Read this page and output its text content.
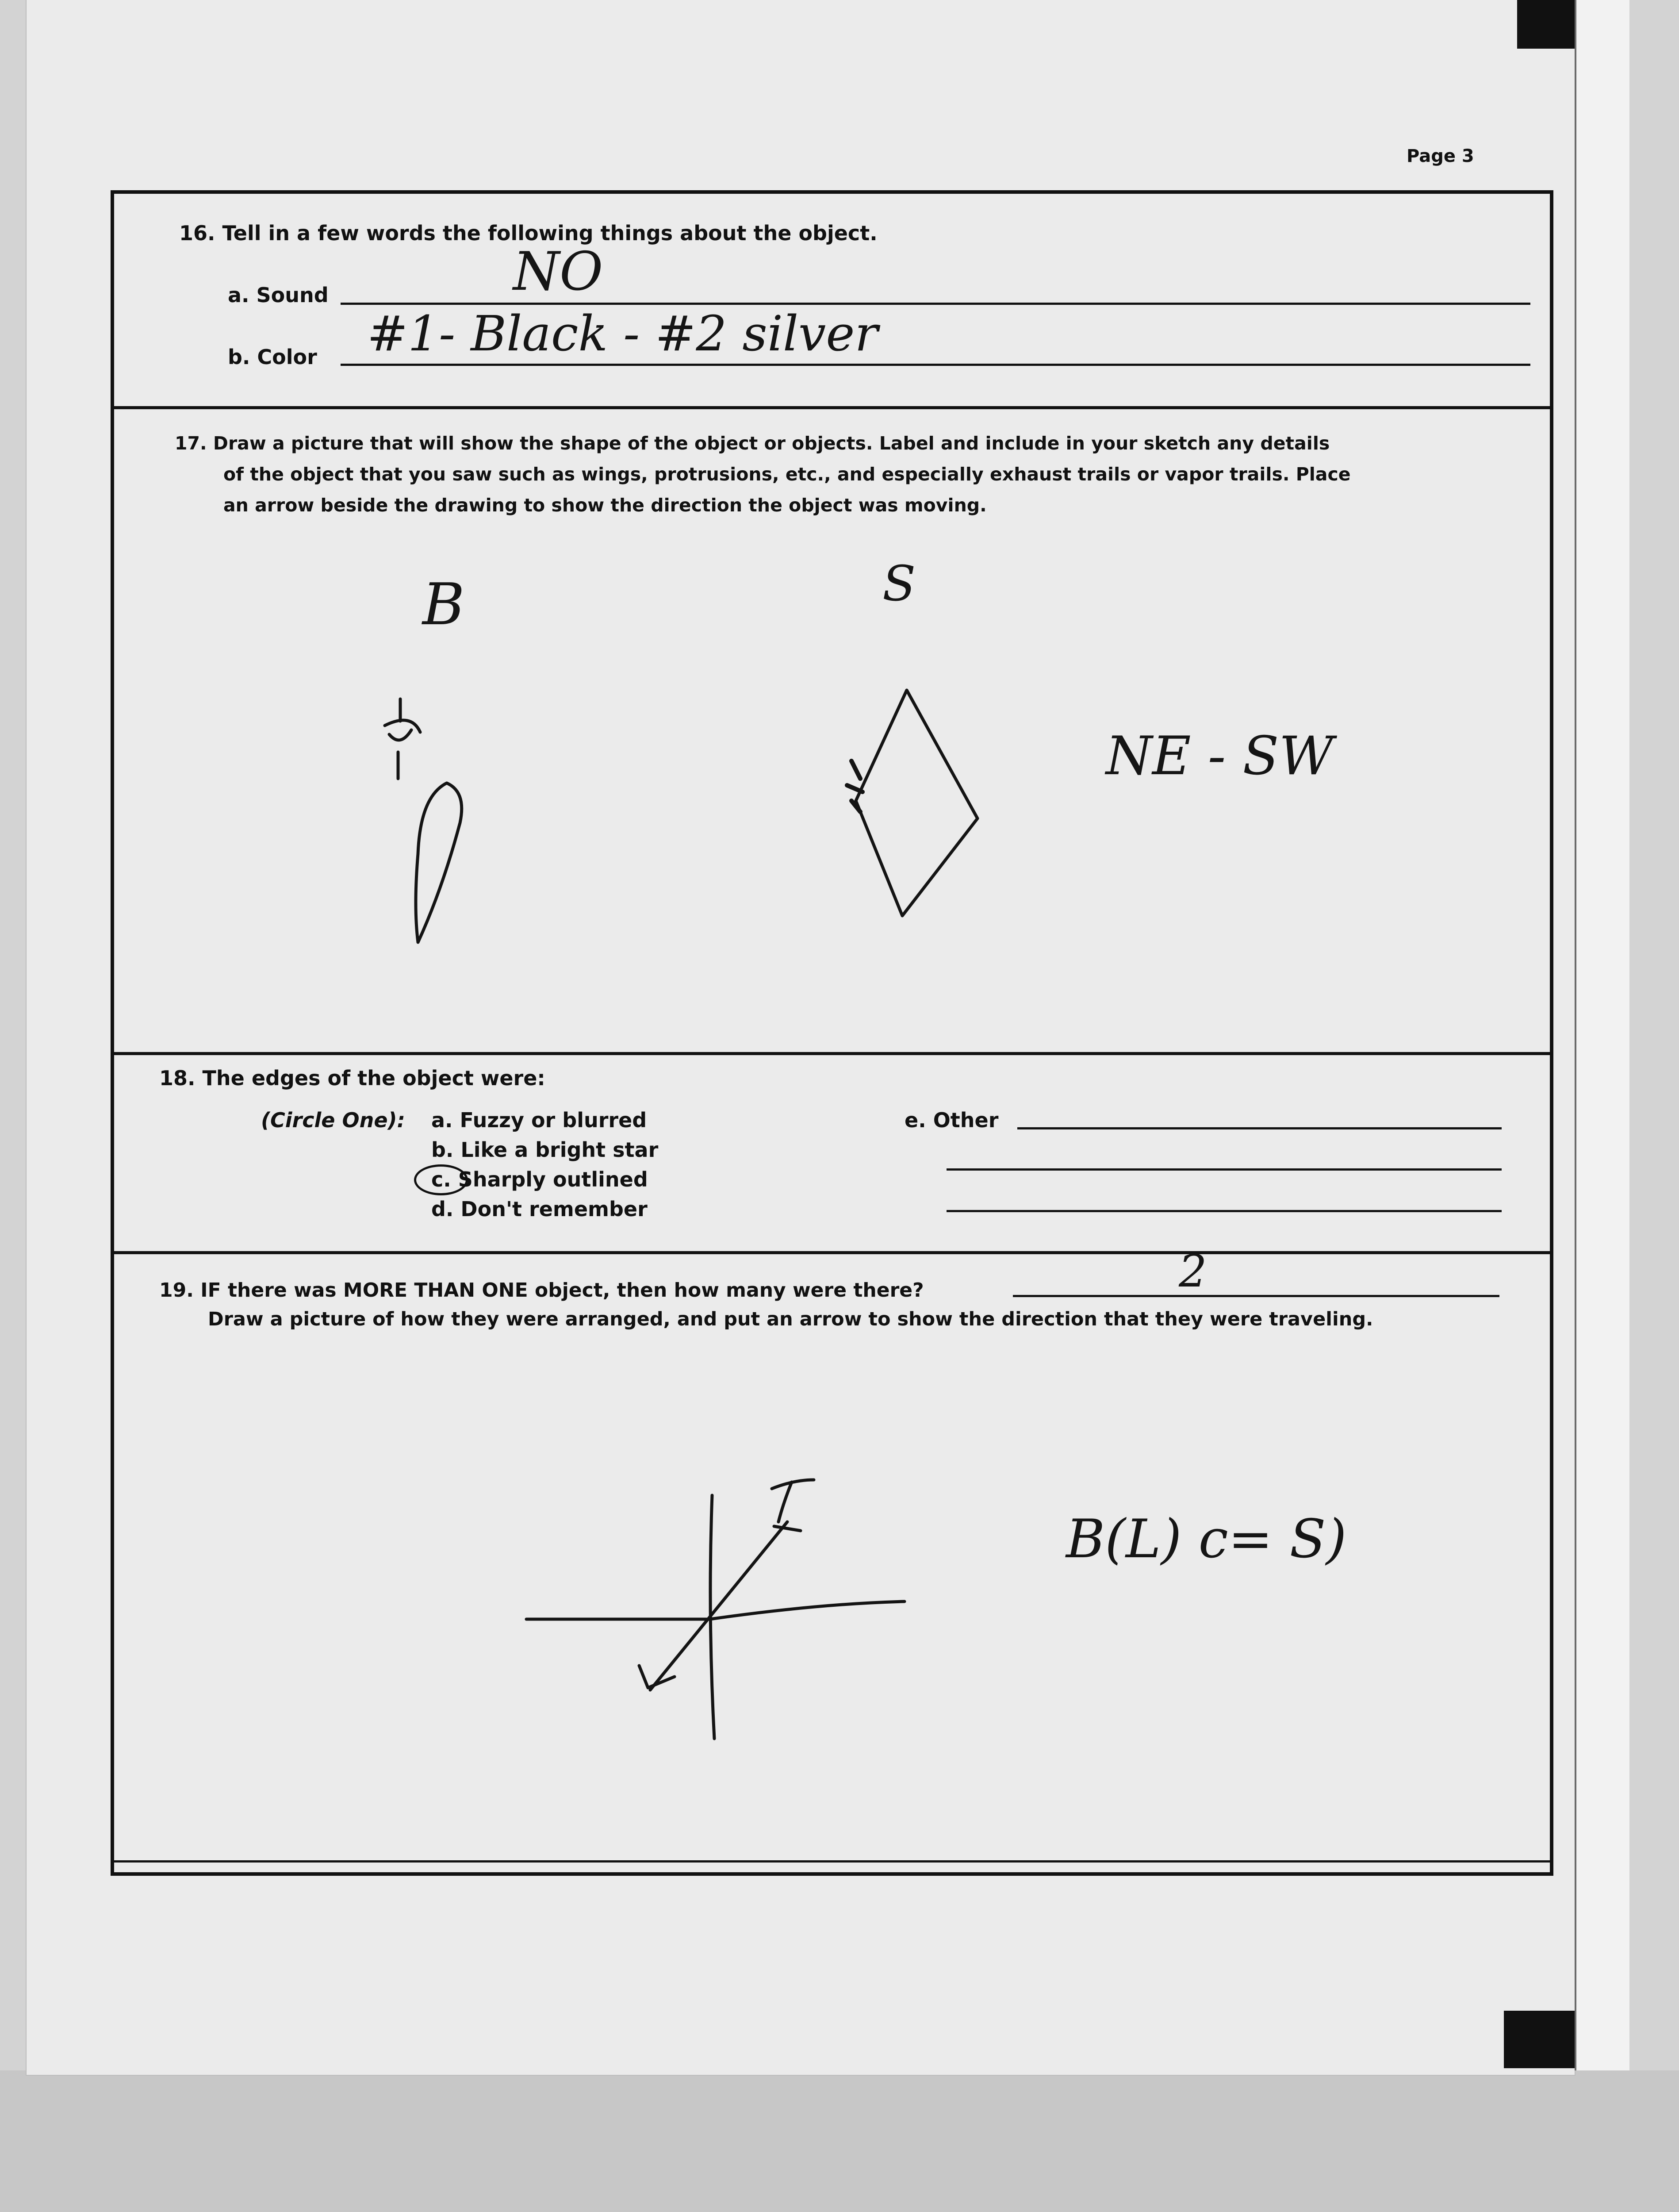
Page 3
16. Tell in a few words the following things about the object.
a. Sound	NO
b. Color #1- Black - #2 silver
17. Draw a picture that will show the shape of the object or objects. Label and include in your sketch any details
of the object that you saw such as wings, protrusions, etc., and especially exhaust trails or vapor trails. Place
an arrow beside the drawing to show the direction the object was moving.
B	S
NE - SW
18. The edges of the object were:
(Circle One): a. Fuzzy or blurred
b. Like a bright star
c. Sharply outlined
d. Don't remember
e. Other
19. IF there was MORE THAN ONE object, then how many were there?	2
Draw a picture of how they were arranged, and put an arrow to show the direction that they were traveling.
B(L) c= S)
